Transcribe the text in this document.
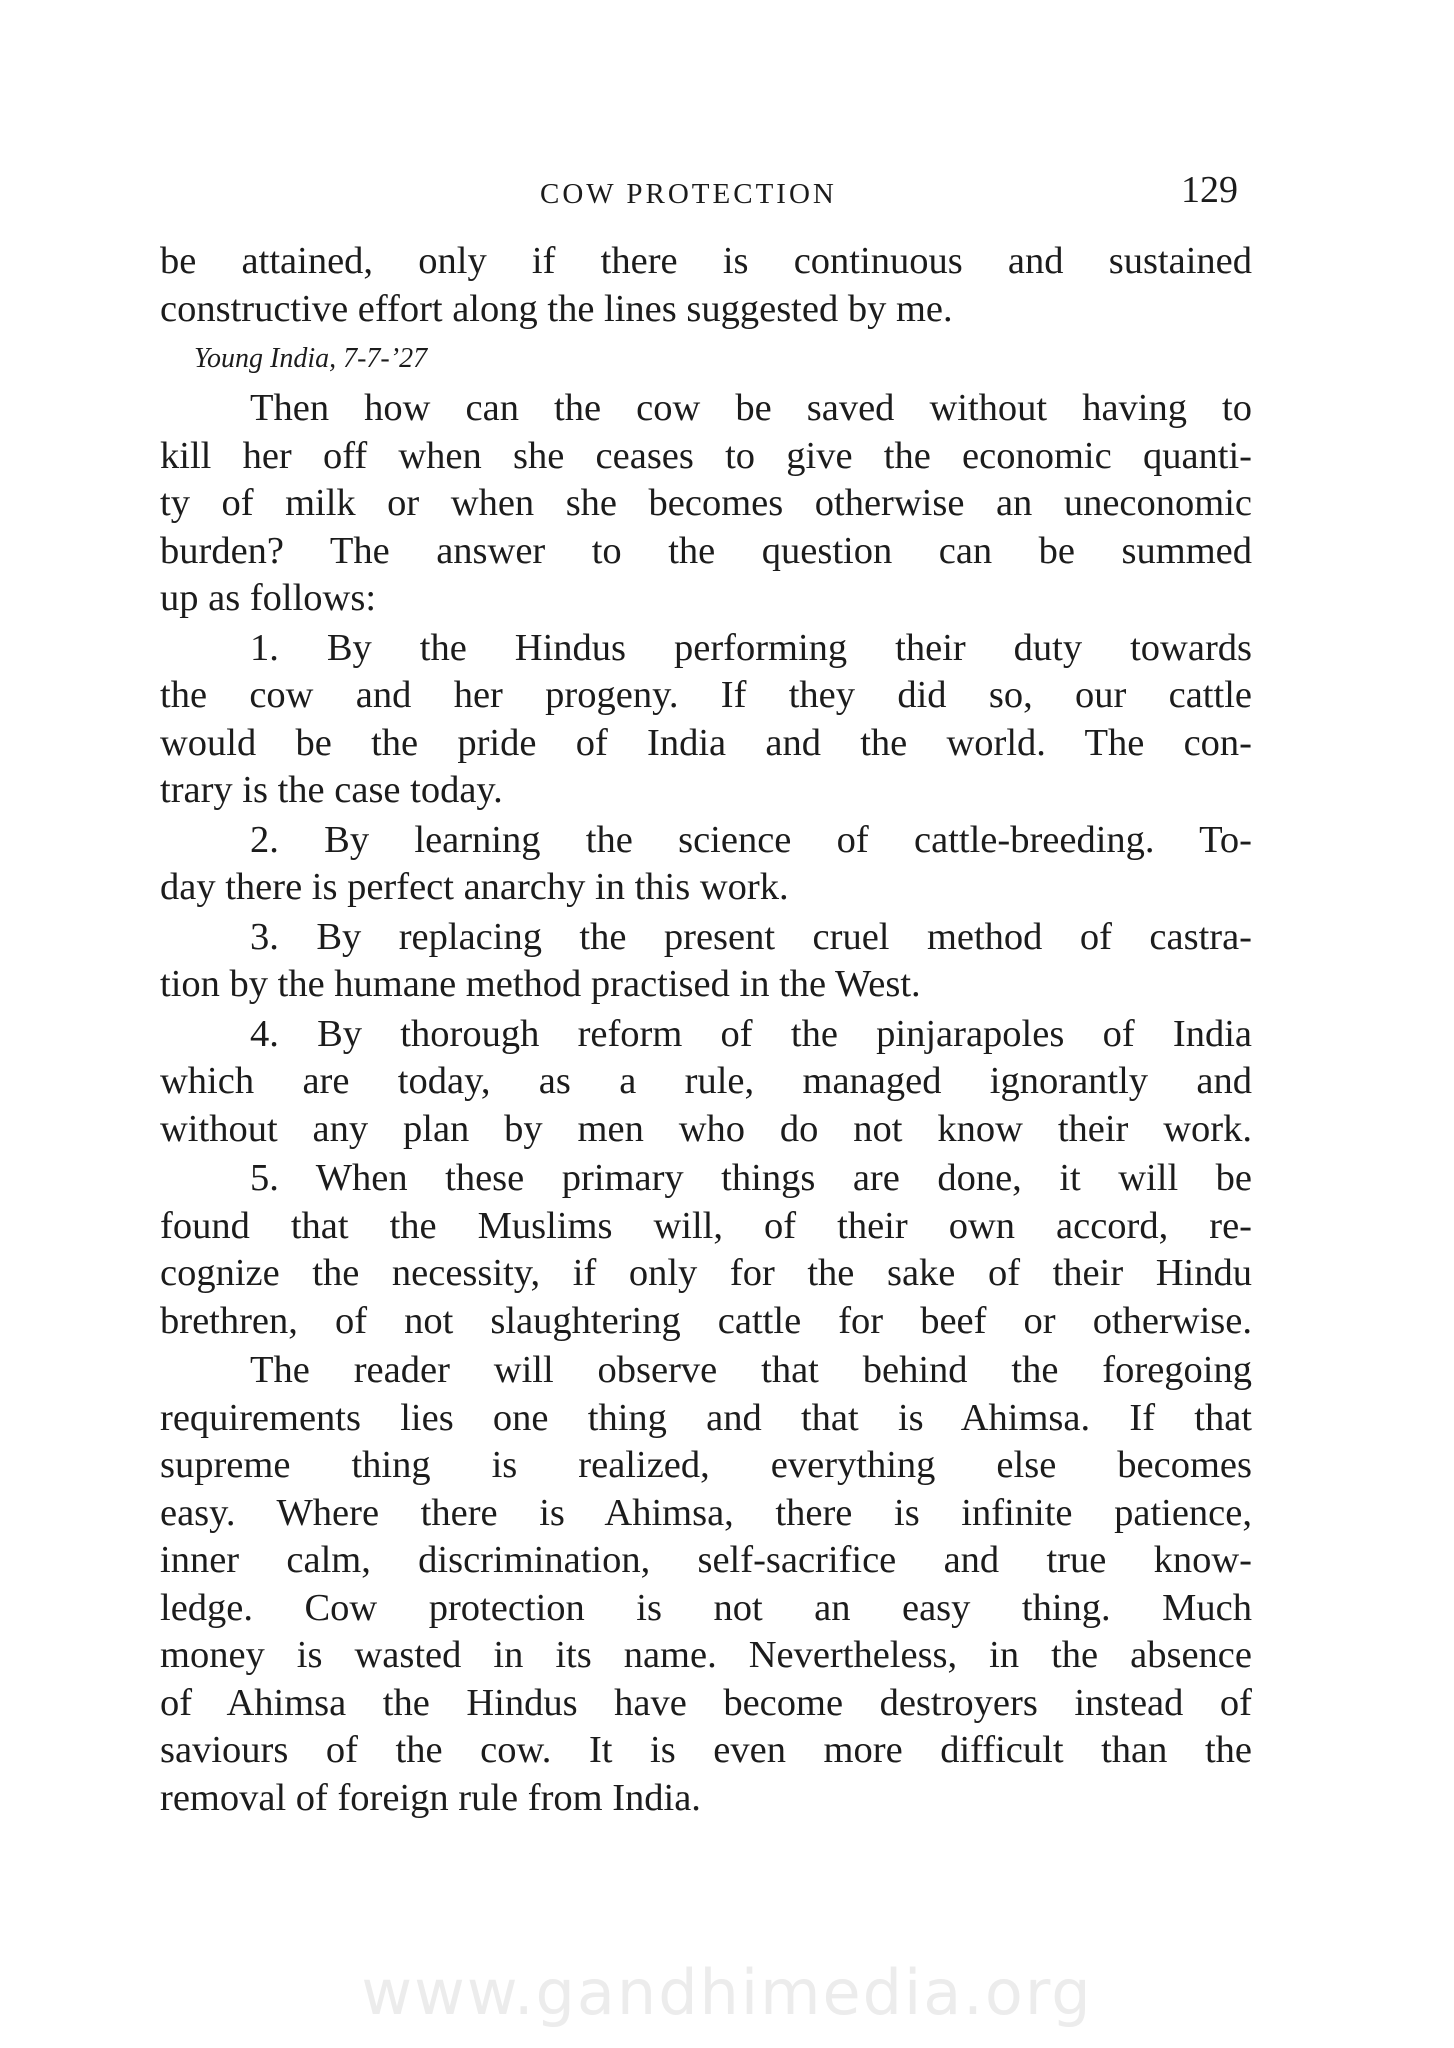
COW PROTECTION	129
be attained, only if there is continuous and sustained
constructive effort along the lines suggested by me.
Young India, 7-7-’27
Then how can the cow be saved without having to
kill her off when she ceases to give the economic quanti-
ty of milk or when she becomes otherwise an uneconomic
burden? The answer to the question can be summed
up as follows:
1. By the Hindus performing their duty towards
the cow and her progeny. If they did so, our cattle
would be the pride of India and the world. The con-
trary is the case today.
2. By learning the science of cattle-breeding. To-
day there is perfect anarchy in this work.
3. By replacing the present cruel method of castra-
tion by the humane method practised in the West.
4. By thorough reform of the pinjarapoles of India
which are today, as a rule, managed ignorantly and
without any plan by men who do not know their work.
5. When these primary things are done, it will be
found that the Muslims will, of their own accord, re-
cognize the necessity, if only for the sake of their Hindu
brethren, of not slaughtering cattle for beef or otherwise.
The reader will observe that behind the foregoing
requirements lies one thing and that is Ahimsa. If that
supreme thing is realized, everything else becomes
easy. Where there is Ahimsa, there is infinite patience,
inner calm, discrimination, self-sacrifice and true know-
ledge. Cow protection is not an easy thing. Much
money is wasted in its name. Nevertheless, in the absence
of Ahimsa the Hindus have become destroyers instead of
saviours of the cow. It is even more difficult than the
removal of foreign rule from India.
www.gandhimedia.org
